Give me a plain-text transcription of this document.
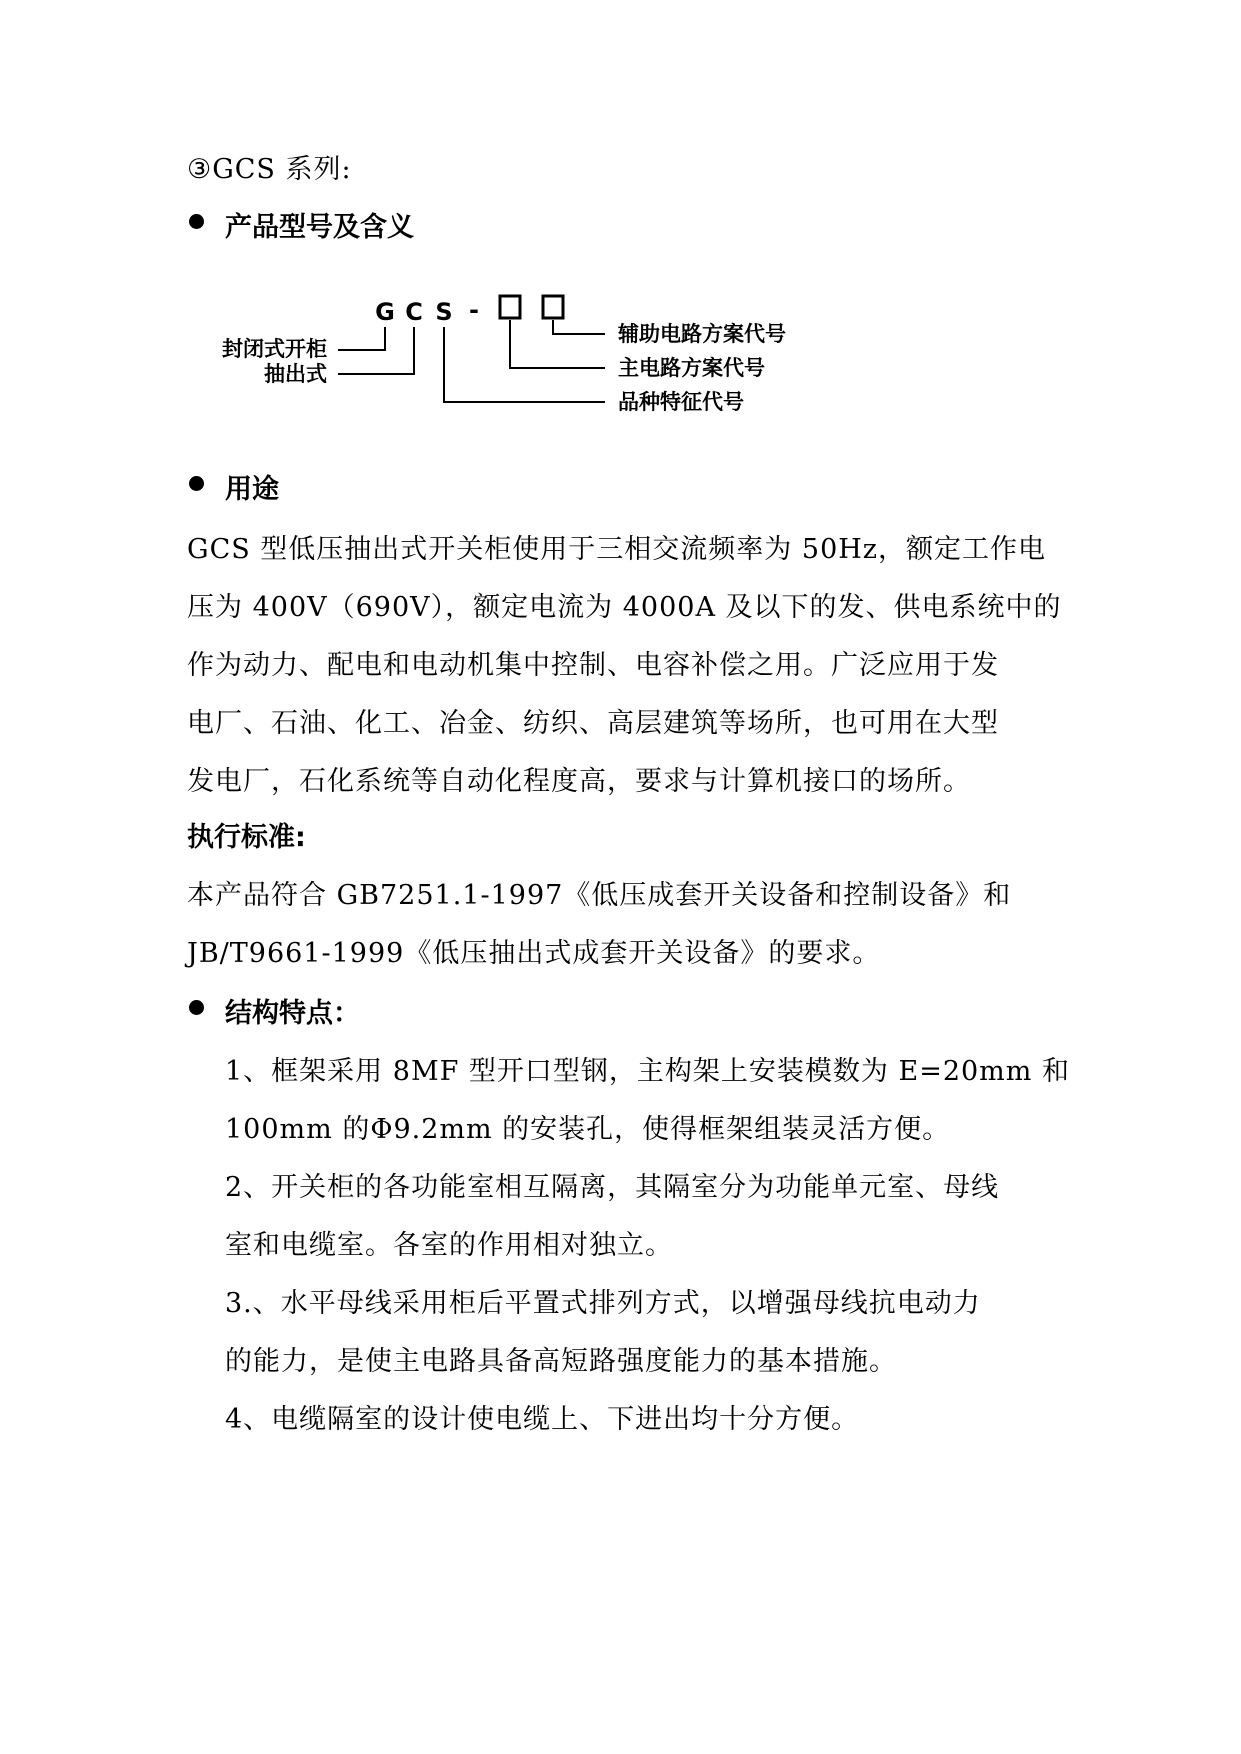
③GCS 系列:
产品型号及含义
G C S -
封闭式开柜
抽出式
辅助电路方案代号
主电路方案代号
品种特征代号
用途
GCS 型低压抽出式开关柜使用于三相交流频率为 50Hz，额定工作电
压为 400V（690V），额定电流为 4000A 及以下的发、供电系统中的
作为动力、配电和电动机集中控制、电容补偿之用。广泛应用于发
电厂、石油、化工、冶金、纺织、高层建筑等场所，也可用在大型
发电厂，石化系统等自动化程度高，要求与计算机接口的场所。
执行标准:
本产品符合 GB7251.1-1997《低压成套开关设备和控制设备》和
JB/T9661-1999《低压抽出式成套开关设备》的要求。
结构特点：
1、框架采用 8MF 型开口型钢，主构架上安装模数为 E=20mm 和
100mm 的Φ9.2mm 的安装孔，使得框架组装灵活方便。
2、开关柜的各功能室相互隔离，其隔室分为功能单元室、母线
室和电缆室。各室的作用相对独立。
3.、水平母线采用柜后平置式排列方式，以增强母线抗电动力
的能力，是使主电路具备高短路强度能力的基本措施。
4、电缆隔室的设计使电缆上、下进出均十分方便。
